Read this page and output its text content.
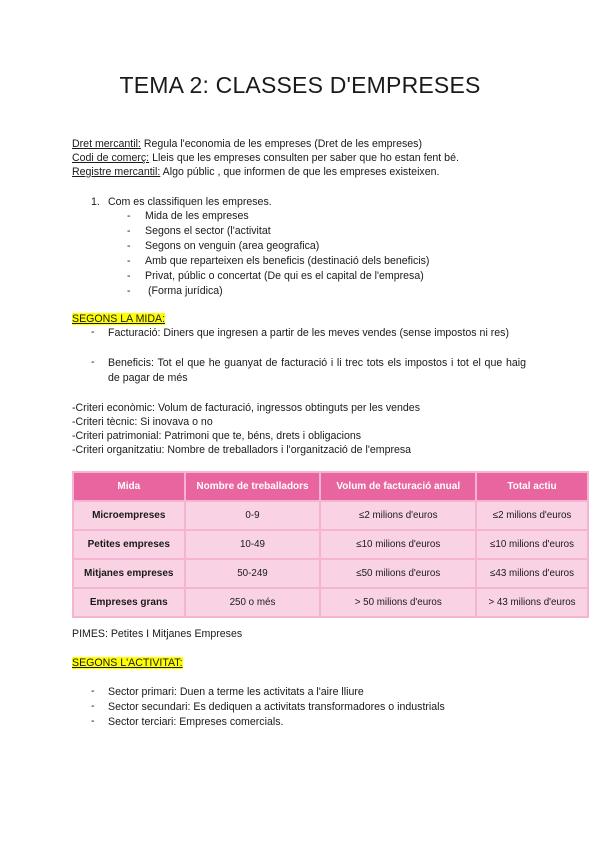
TEMA 2: CLASSES D'EMPRESES
Dret mercantil: Regula l'economia de les empreses (Dret de les empreses)
Codi de comerç: Lleis que les empreses consulten per saber que ho estan fent bé.
Registre mercantil: Algo públic , que informen de que les empreses existeixen.
1. Com es classifiquen les empreses.
- Mida de les empreses
- Segons el sector (l'activitat
- Segons on venguin (area geografica)
- Amb que reparteixen els beneficis (destinació dels beneficis)
- Privat, públic o concertat (De qui es el capital de l'empresa)
- (Forma jurídica)
SEGONS LA MIDA:
- Facturació: Diners que ingresen a partir de les meves vendes (sense impostos ni res)
- Beneficis: Tot el que he guanyat de facturació i li trec tots els impostos i tot el que haig de pagar de més
-Criteri econòmic: Volum de facturació, ingressos obtinguts per les vendes
-Criteri tècnic: Si inovava o no
-Criteri patrimonial: Patrimoni que te, béns, drets i obligacions
-Criteri organitzatiu: Nombre de treballadors i l'organització de l'empresa
Mida	Nombre de treballadors	Volum de facturació anual	Total actiu
Microempreses	0-9	≤2 milions d'euros	≤2 milions d'euros
Petites empreses	10-49	≤10 milions d'euros	≤10 milions d'euros
Mitjanes empreses	50-249	≤50 milions d'euros	≤43 milions d'euros
Empreses grans	250 o més	> 50 milions d'euros	> 43 milions d'euros
PIMES: Petites I Mitjanes Empreses
SEGONS L'ACTIVITAT:
- Sector primari: Duen a terme les activitats a l'aire lliure
- Sector secundari: Es dediquen a activitats transformadores o industrials
- Sector terciari: Empreses comercials.
